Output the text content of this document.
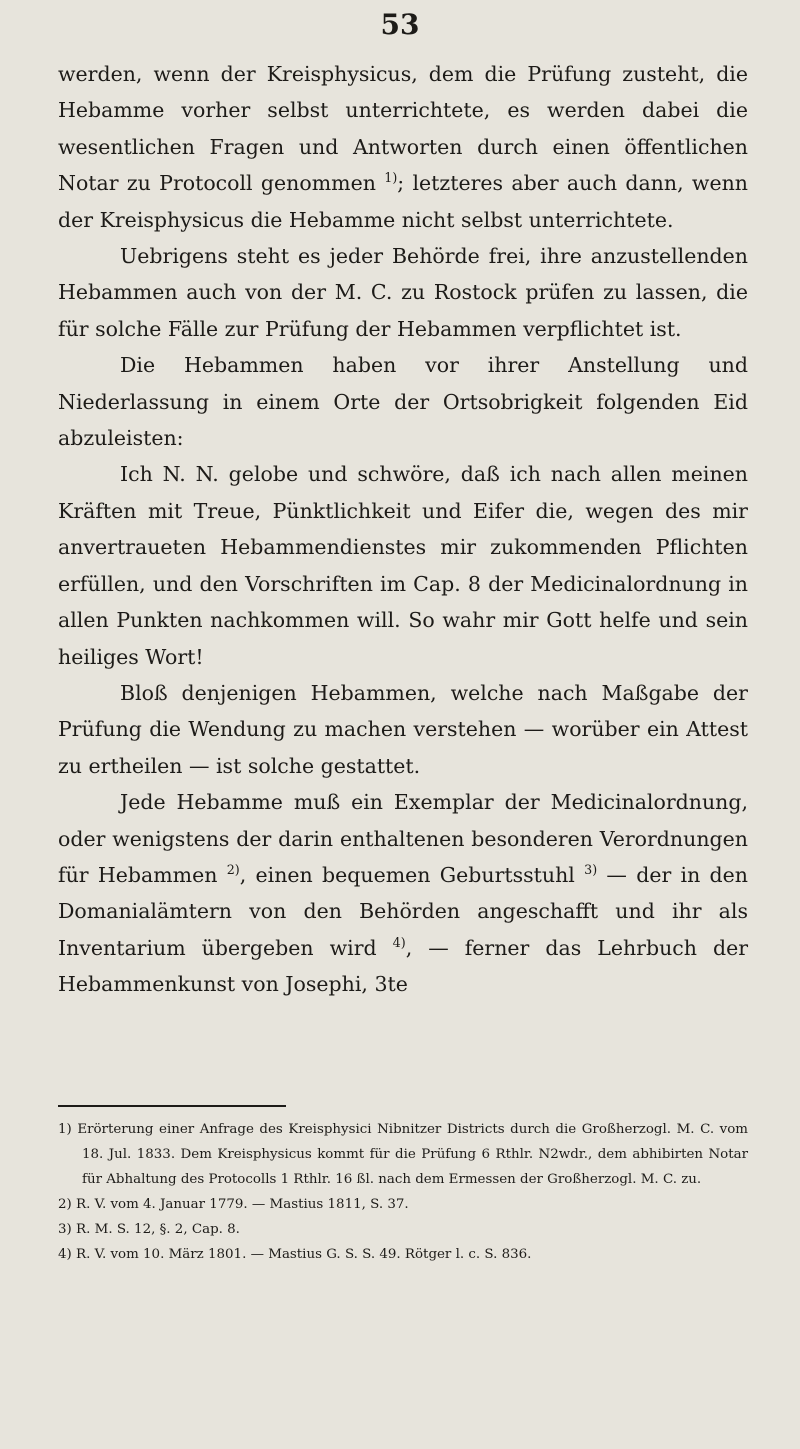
53

werden, wenn der Kreisphysicus, dem die Prüfung zusteht, die Hebamme vorher selbst unterrichtete, es werden dabei die wesentlichen Fragen und Antworten durch einen öffentlichen Notar zu Protocoll genommen $^{1)}$; letzteres aber auch dann, wenn der Kreisphysicus die Hebamme nicht selbst unterrichtete.

Uebrigens steht es jeder Behörde frei, ihre anzustellenden Hebammen auch von der M. C. zu Rostock prüfen zu lassen, die für solche Fälle zur Prüfung der Hebammen verpflichtet ist.

Die Hebammen haben vor ihrer Anstellung und Niederlassung in einem Orte der Ortsobrigkeit folgenden Eid abzuleisten:

Ich N. N. gelobe und schwöre, daß ich nach allen meinen Kräften mit Treue, Pünktlichkeit und Eifer die, wegen des mir anvertraueten Hebammendienstes mir zukommenden Pflichten erfüllen, und den Vorschriften im Cap. 8 der Medicinalordnung in allen Punkten nachkommen will. So wahr mir Gott helfe und sein heiliges Wort!

Bloß denjenigen Hebammen, welche nach Maßgabe der Prüfung die Wendung zu machen verstehen — worüber ein Attest zu ertheilen — ist solche gestattet.

Jede Hebamme muß ein Exemplar der Medicinalordnung, oder wenigstens der darin enthaltenen besonderen Verordnungen für Hebammen $^{2)}$, einen bequemen Geburtsstuhl $^{3)}$ — der in den Domanialämtern von den Behörden angeschafft und ihr als Inventarium übergeben wird $^{4)}$, — ferner das Lehrbuch der Hebammenkunst von Josephi, 3te

1) Erörterung einer Anfrage des Kreisphysici Nibnitzer Districts durch die Großherzogl. M. C. vom 18. Jul. 1833. Dem Kreisphysicus kommt für die Prüfung 6 Rthlr. N2wdr., dem abhibirten Notar für Abhaltung des Protocolls 1 Rthlr. 16 ßl. nach dem Ermessen der Großherzogl. M. C. zu.

2) R. V. vom 4. Januar 1779. — Mastius 1811, S. 37.

3) R. M. S. 12, §. 2, Cap. 8.

4) R. V. vom 10. März 1801. — Mastius G. S. S. 49. Rötger l. c. S. 836.
